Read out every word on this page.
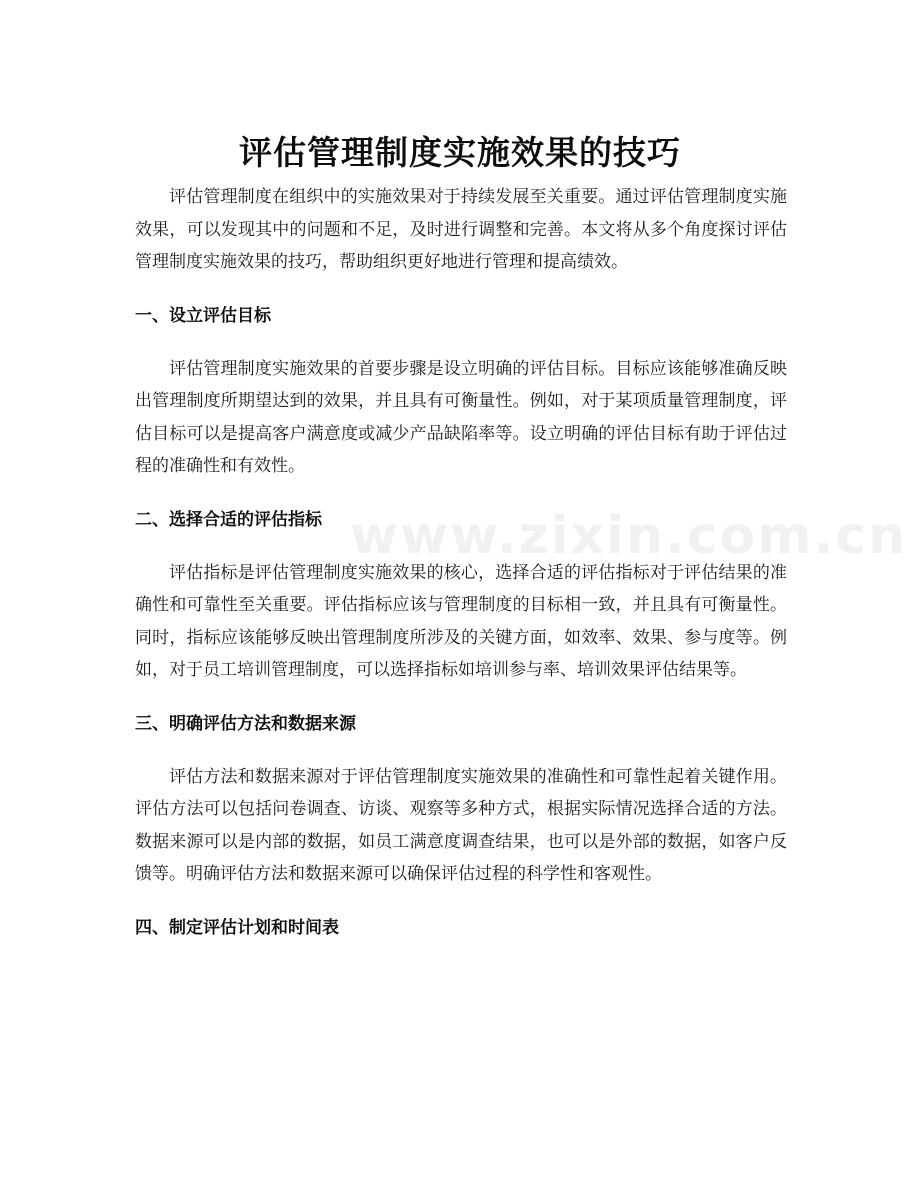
www.zixin.com.cn
评估管理制度实施效果的技巧

评估管理制度在组织中的实施效果对于持续发展至关重要。通过评估管理制度实施效果，可以发现其中的问题和不足，及时进行调整和完善。本文将从多个角度探讨评估管理制度实施效果的技巧，帮助组织更好地进行管理和提高绩效。

一、设立评估目标

评估管理制度实施效果的首要步骤是设立明确的评估目标。目标应该能够准确反映出管理制度所期望达到的效果，并且具有可衡量性。例如，对于某项质量管理制度，评估目标可以是提高客户满意度或减少产品缺陷率等。设立明确的评估目标有助于评估过程的准确性和有效性。

二、选择合适的评估指标

评估指标是评估管理制度实施效果的核心，选择合适的评估指标对于评估结果的准确性和可靠性至关重要。评估指标应该与管理制度的目标相一致，并且具有可衡量性。同时，指标应该能够反映出管理制度所涉及的关键方面，如效率、效果、参与度等。例如，对于员工培训管理制度，可以选择指标如培训参与率、培训效果评估结果等。

三、明确评估方法和数据来源

评估方法和数据来源对于评估管理制度实施效果的准确性和可靠性起着关键作用。评估方法可以包括问卷调查、访谈、观察等多种方式，根据实际情况选择合适的方法。数据来源可以是内部的数据，如员工满意度调查结果，也可以是外部的数据，如客户反馈等。明确评估方法和数据来源可以确保评估过程的科学性和客观性。

四、制定评估计划和时间表
